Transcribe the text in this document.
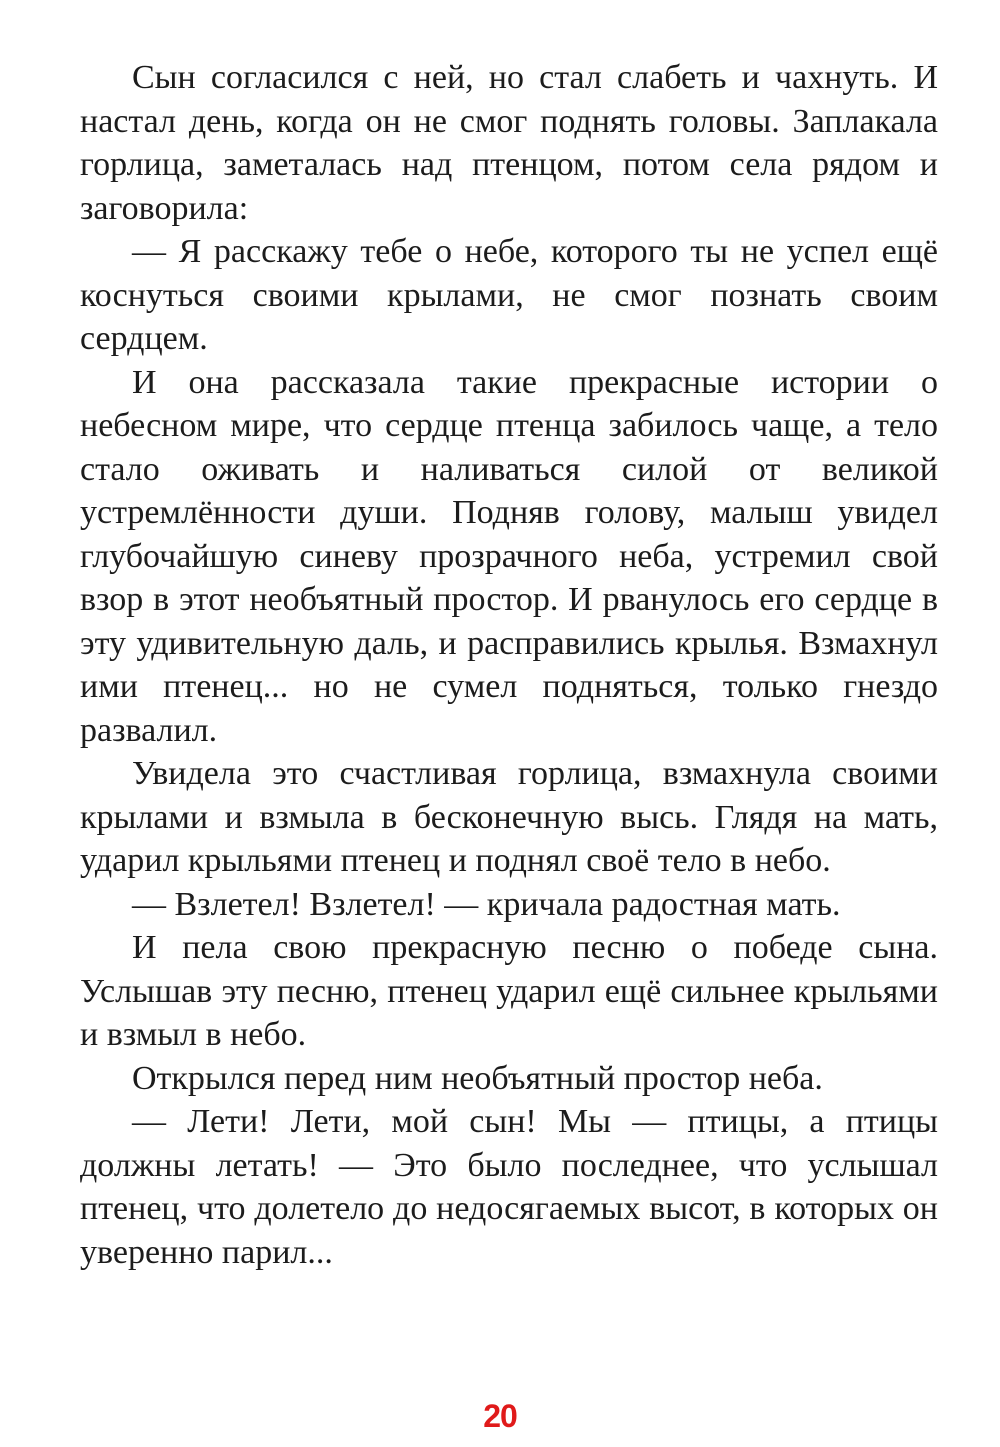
Сын согласился с ней, но стал слабеть и чахнуть. И настал день, когда он не смог поднять головы. Заплакала горлица, заметалась над птенцом, потом села рядом и заговорила:

— Я расскажу тебе о небе, которого ты не успел ещё коснуться своими крылами, не смог познать своим сердцем.

И она рассказала такие прекрасные истории о небесном мире, что сердце птенца забилось чаще, а тело стало оживать и наливаться силой от великой устремлённости души. Подняв голову, малыш увидел глубочайшую синеву прозрачного неба, устремил свой взор в этот необъятный простор. И рванулось его сердце в эту удивительную даль, и расправились крылья. Взмахнул ими птенец... но не сумел подняться, только гнездо развалил.

Увидела это счастливая горлица, взмахнула своими крылами и взмыла в бесконечную высь. Глядя на мать, ударил крыльями птенец и поднял своё тело в небо.

— Взлетел! Взлетел! — кричала радостная мать.

И пела свою прекрасную песню о победе сына. Услышав эту песню, птенец ударил ещё сильнее крыльями и взмыл в небо.

Открылся перед ним необъятный простор неба.

— Лети! Лети, мой сын! Мы — птицы, а птицы должны летать! — Это было последнее, что услышал птенец, что долетело до недосягаемых высот, в которых он уверенно парил...

20
